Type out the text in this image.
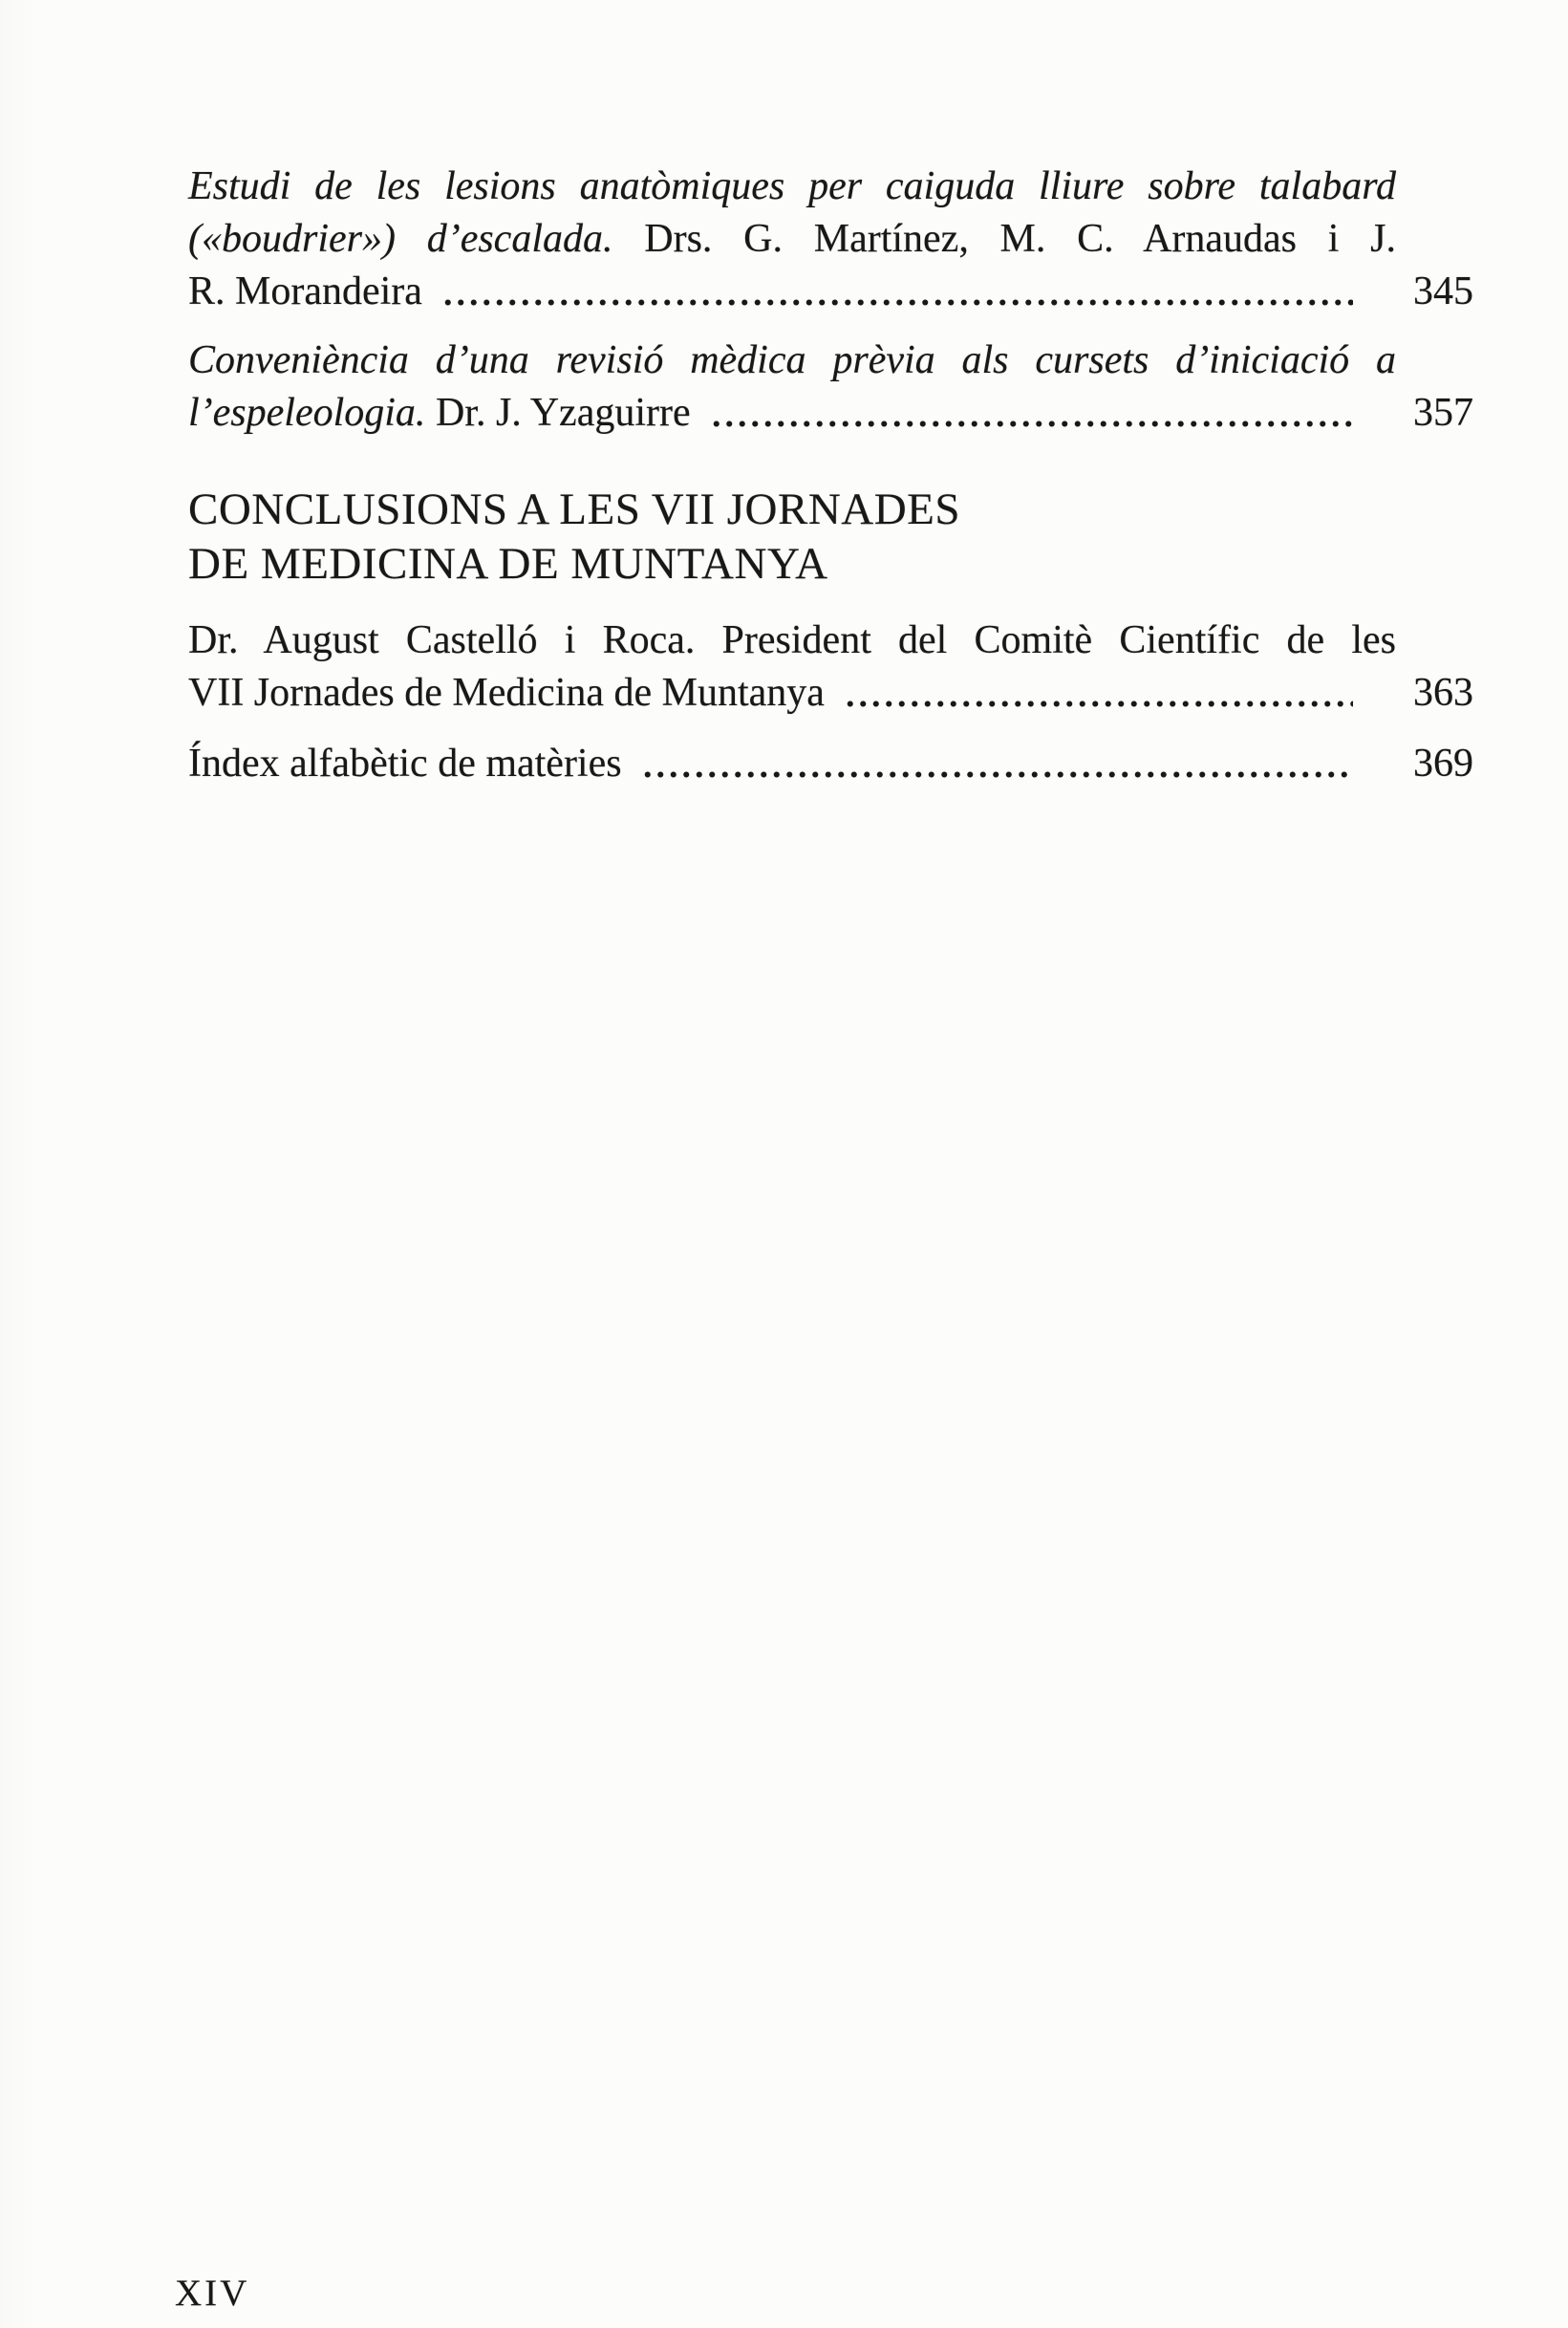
Estudi de les lesions anatòmiques per caiguda lliure sobre talabard
(«boudrier») d’escalada. Drs. G. Martínez, M. C. Arnaudas i J.
R. Morandeira	345
Conveniència d’una revisió mèdica prèvia als cursets d’iniciació a
l’espeleologia. Dr. J. Yzaguirre	357
CONCLUSIONS A LES VII JORNADES
DE MEDICINA DE MUNTANYA
Dr. August Castelló i Roca. President del Comitè Científic de les
VII Jornades de Medicina de Muntanya	363
Índex alfabètic de matèries	369
XIV
